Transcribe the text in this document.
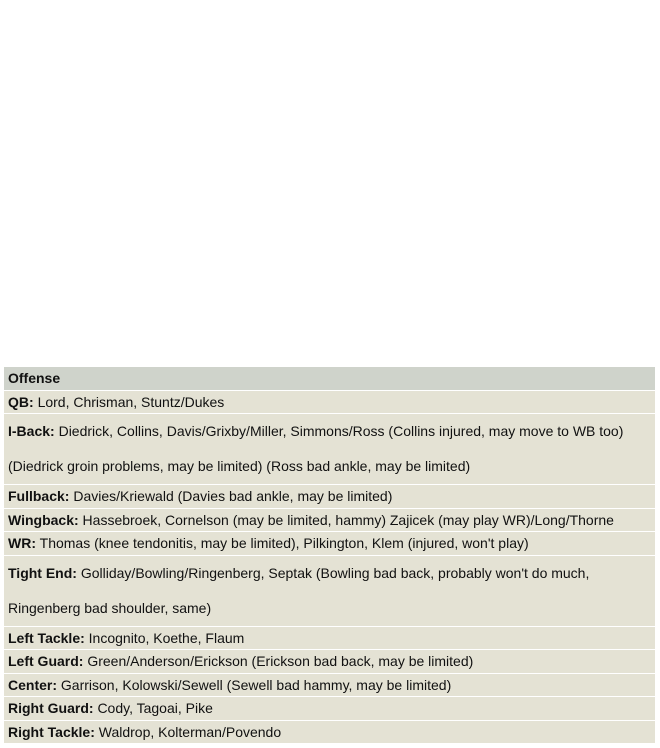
Offense
QB: Lord, Chrisman, Stuntz/Dukes
I-Back: Diedrick, Collins, Davis/Grixby/Miller, Simmons/Ross (Collins injured, may move to WB too)(Diedrick groin problems, may be limited) (Ross bad ankle, may be limited)
Fullback: Davies/Kriewald (Davies bad ankle, may be limited)
Wingback: Hassebroek, Cornelson (may be limited, hammy) Zajicek (may play WR)/Long/Thorne
WR: Thomas (knee tendonitis, may be limited), Pilkington, Klem (injured, won't play)
Tight End: Golliday/Bowling/Ringenberg, Septak (Bowling bad back, probably won't do much, Ringenberg bad shoulder, same)
Left Tackle: Incognito, Koethe, Flaum
Left Guard: Green/Anderson/Erickson (Erickson bad back, may be limited)
Center: Garrison, Kolowski/Sewell (Sewell bad hammy, may be limited)
Right Guard: Cody, Tagoai, Pike
Right Tackle: Waldrop, Kolterman/Povendo
